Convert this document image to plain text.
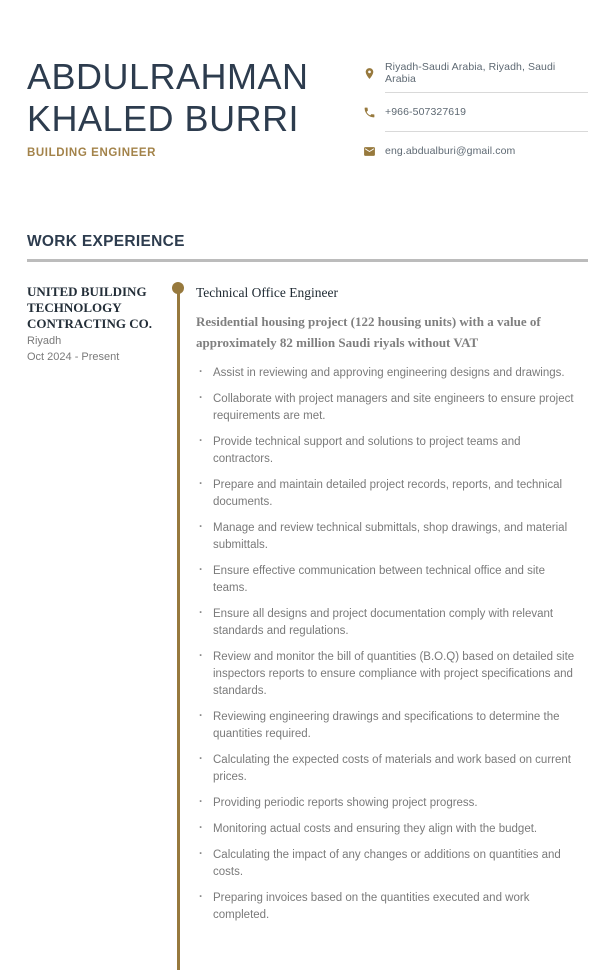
ABDULRAHMAN KHALED BURRI
BUILDING ENGINEER
Riyadh-Saudi Arabia, Riyadh, Saudi Arabia
+966-507327619
eng.abdualburi@gmail.com
WORK EXPERIENCE
UNITED BUILDING TECHNOLOGY CONTRACTING CO.
Riyadh
Oct 2024 - Present
Technical Office Engineer
Residential housing project (122 housing units) with a value of approximately 82 million Saudi riyals without VAT
· Assist in reviewing and approving engineering designs and drawings.
· Collaborate with project managers and site engineers to ensure project requirements are met.
· Provide technical support and solutions to project teams and contractors.
· Prepare and maintain detailed project records, reports, and technical documents.
· Manage and review technical submittals, shop drawings, and material submittals.
· Ensure effective communication between technical office and site teams.
· Ensure all designs and project documentation comply with relevant standards and regulations.
· Review and monitor the bill of quantities (B.O.Q) based on detailed site inspectors reports to ensure compliance with project specifications and standards.
· Reviewing engineering drawings and specifications to determine the quantities required.
· Calculating the expected costs of materials and work based on current prices.
· Providing periodic reports showing project progress.
· Monitoring actual costs and ensuring they align with the budget.
· Calculating the impact of any changes or additions on quantities and costs.
· Preparing invoices based on the quantities executed and work completed.
